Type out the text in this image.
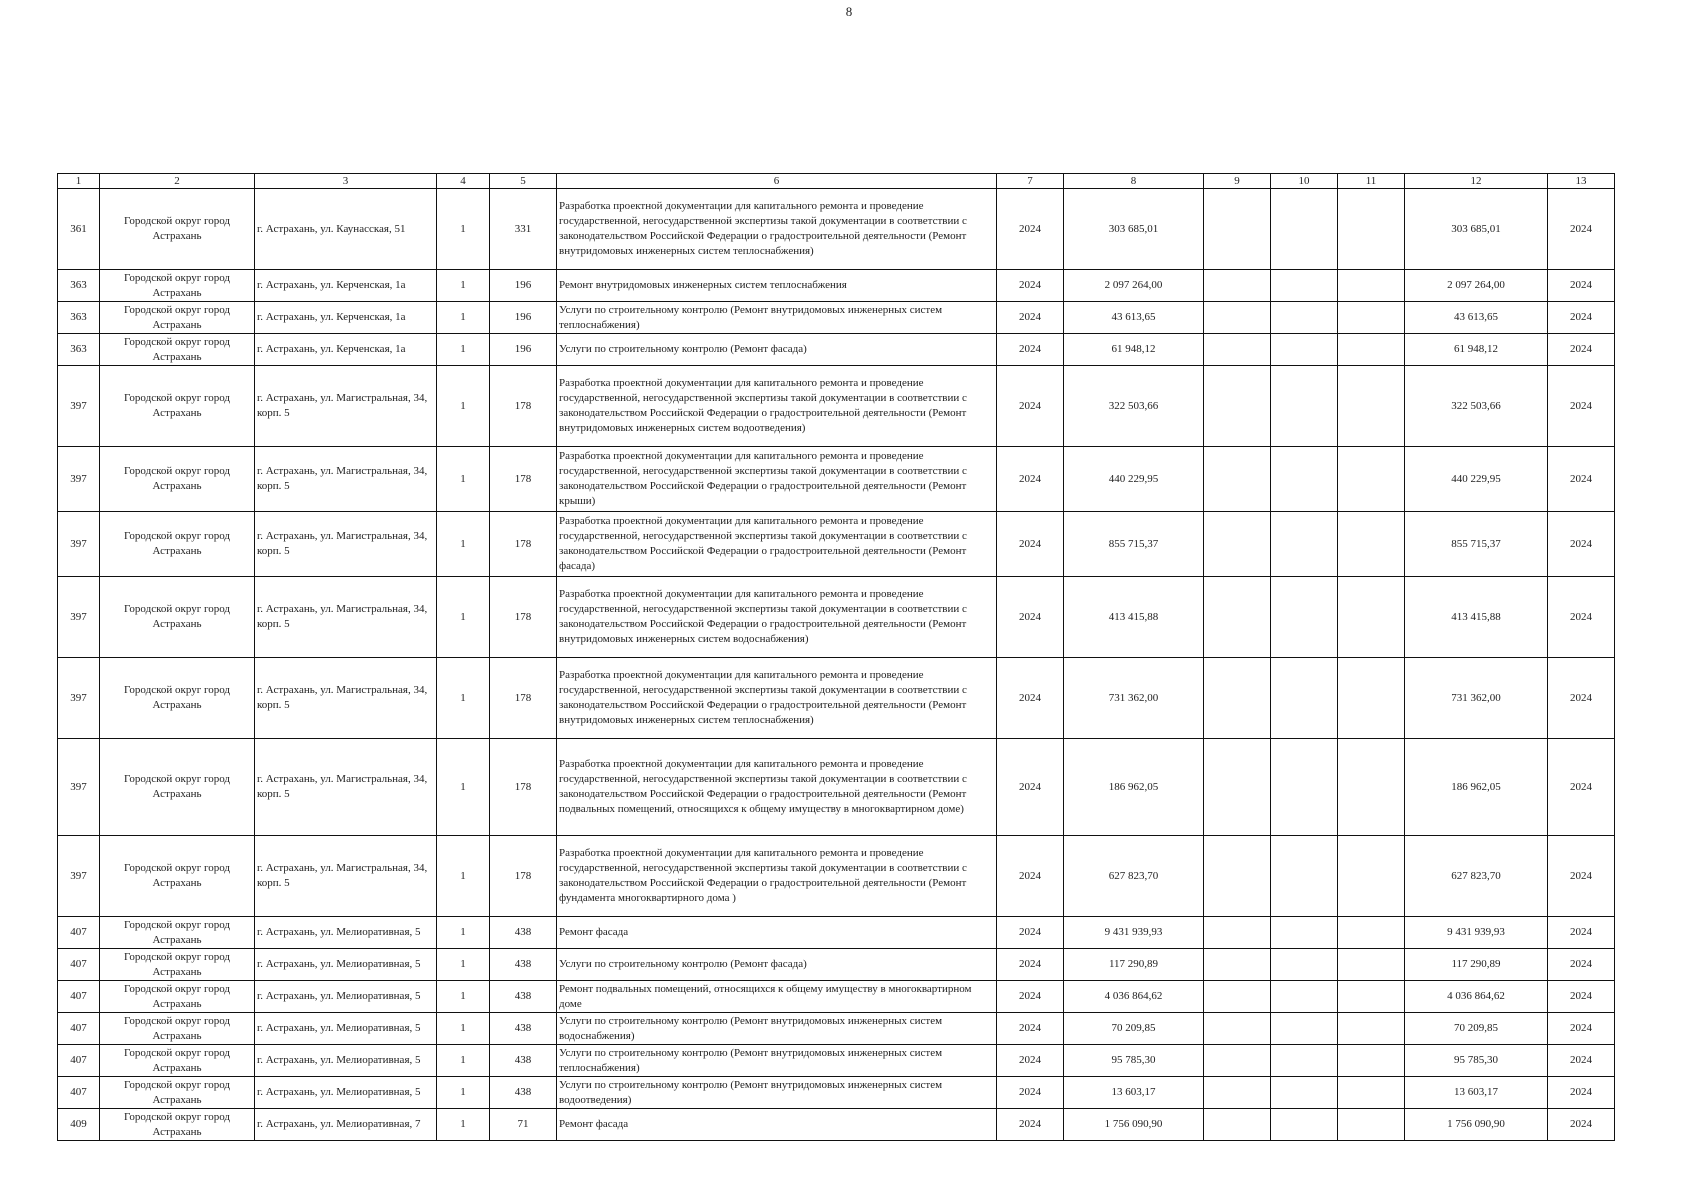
8
1	2	3	4	5	6	7	8	9	10	11	12	13
361	Городской округ город Астрахань	г. Астрахань, ул. Каунасская, 51	1	331	Разработка проектной документации для капитального ремонта и проведение государственной, негосударственной экспертизы такой документации в соответствии с законодательством Российской Федерации о градостроительной деятельности (Ремонт внутридомовых инженерных систем теплоснабжения)	2024	303 685,01				303 685,01	2024
363	Городской округ город Астрахань	г. Астрахань, ул. Керченская, 1а	1	196	Ремонт внутридомовых инженерных систем теплоснабжения	2024	2 097 264,00				2 097 264,00	2024
363	Городской округ город Астрахань	г. Астрахань, ул. Керченская, 1а	1	196	Услуги по строительному контролю (Ремонт внутридомовых инженерных систем теплоснабжения)	2024	43 613,65				43 613,65	2024
363	Городской округ город Астрахань	г. Астрахань, ул. Керченская, 1а	1	196	Услуги по строительному контролю (Ремонт фасада)	2024	61 948,12				61 948,12	2024
397	Городской округ город Астрахань	г. Астрахань, ул. Магистральная, 34, корп. 5	1	178	Разработка проектной документации для капитального ремонта и проведение государственной, негосударственной экспертизы такой документации в соответствии с законодательством Российской Федерации о градостроительной деятельности (Ремонт внутридомовых инженерных систем водоотведения)	2024	322 503,66				322 503,66	2024
397	Городской округ город Астрахань	г. Астрахань, ул. Магистральная, 34, корп. 5	1	178	Разработка проектной документации для капитального ремонта и проведение государственной, негосударственной экспертизы такой документации в соответствии с законодательством Российской Федерации о градостроительной деятельности (Ремонт крыши)	2024	440 229,95				440 229,95	2024
397	Городской округ город Астрахань	г. Астрахань, ул. Магистральная, 34, корп. 5	1	178	Разработка проектной документации для капитального ремонта и проведение государственной, негосударственной экспертизы такой документации в соответствии с законодательством Российской Федерации о градостроительной деятельности (Ремонт фасада)	2024	855 715,37				855 715,37	2024
397	Городской округ город Астрахань	г. Астрахань, ул. Магистральная, 34, корп. 5	1	178	Разработка проектной документации для капитального ремонта и проведение государственной, негосударственной экспертизы такой документации в соответствии с законодательством Российской Федерации о градостроительной деятельности (Ремонт внутридомовых инженерных систем водоснабжения)	2024	413 415,88				413 415,88	2024
397	Городской округ город Астрахань	г. Астрахань, ул. Магистральная, 34, корп. 5	1	178	Разработка проектной документации для капитального ремонта и проведение государственной, негосударственной экспертизы такой документации в соответствии с законодательством Российской Федерации о градостроительной деятельности (Ремонт внутридомовых инженерных систем теплоснабжения)	2024	731 362,00				731 362,00	2024
397	Городской округ город Астрахань	г. Астрахань, ул. Магистральная, 34, корп. 5	1	178	Разработка проектной документации для капитального ремонта и проведение государственной, негосударственной экспертизы такой документации в соответствии с законодательством Российской Федерации о градостроительной деятельности (Ремонт подвальных помещений, относящихся к общему имуществу в многоквартирном доме)	2024	186 962,05				186 962,05	2024
397	Городской округ город Астрахань	г. Астрахань, ул. Магистральная, 34, корп. 5	1	178	Разработка проектной документации для капитального ремонта и проведение государственной, негосударственной экспертизы такой документации в соответствии с законодательством Российской Федерации о градостроительной деятельности (Ремонт фундамента многоквартирного дома )	2024	627 823,70				627 823,70	2024
407	Городской округ город Астрахань	г. Астрахань, ул. Мелиоративная, 5	1	438	Ремонт фасада	2024	9 431 939,93				9 431 939,93	2024
407	Городской округ город Астрахань	г. Астрахань, ул. Мелиоративная, 5	1	438	Услуги по строительному контролю (Ремонт фасада)	2024	117 290,89				117 290,89	2024
407	Городской округ город Астрахань	г. Астрахань, ул. Мелиоративная, 5	1	438	Ремонт подвальных помещений, относящихся к общему имуществу в многоквартирном доме	2024	4 036 864,62				4 036 864,62	2024
407	Городской округ город Астрахань	г. Астрахань, ул. Мелиоративная, 5	1	438	Услуги по строительному контролю (Ремонт внутридомовых инженерных систем водоснабжения)	2024	70 209,85				70 209,85	2024
407	Городской округ город Астрахань	г. Астрахань, ул. Мелиоративная, 5	1	438	Услуги по строительному контролю (Ремонт внутридомовых инженерных систем теплоснабжения)	2024	95 785,30				95 785,30	2024
407	Городской округ город Астрахань	г. Астрахань, ул. Мелиоративная, 5	1	438	Услуги по строительному контролю (Ремонт внутридомовых инженерных систем водоотведения)	2024	13 603,17				13 603,17	2024
409	Городской округ город Астрахань	г. Астрахань, ул. Мелиоративная, 7	1	71	Ремонт фасада	2024	1 756 090,90				1 756 090,90	2024
